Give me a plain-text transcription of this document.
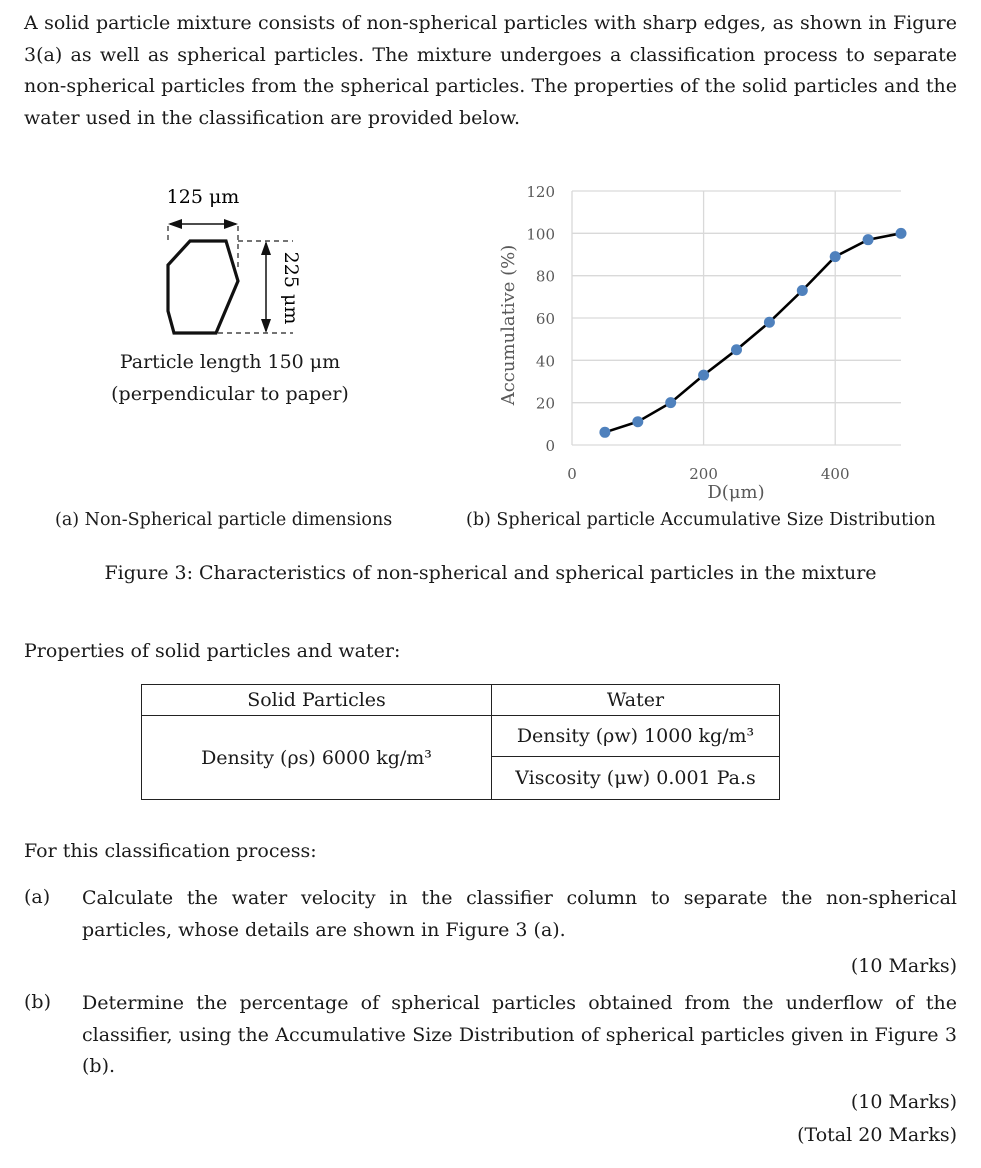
A solid particle mixture consists of non-spherical particles with sharp edges, as shown in Figure 3(a) as well as spherical particles. The mixture undergoes a classification process to separate non-spherical particles from the spherical particles. The properties of the solid particles and the water used in the classification are provided below.

125 μm
225 μm
Particle length 150 μm
(perpendicular to paper)
0
20
40
60
80
100
120
0	200	400
Accumulative (%)
D(μm)
(a) Non-Spherical particle dimensions	(b) Spherical particle Accumulative Size Distribution
Figure 3: Characteristics of non-spherical and spherical particles in the mixture
Properties of solid particles and water:
Solid Particles	Water
Density (ρs) 6000 kg/m³	Density (ρw) 1000 kg/m³
	Viscosity (μw) 0.001 Pa.s
For this classification process:
(a) Calculate the water velocity in the classifier column to separate the non-spherical particles, whose details are shown in Figure 3 (a).

(10 Marks)
(b) Determine the percentage of spherical particles obtained from the underflow of the classifier, using the Accumulative Size Distribution of spherical particles given in Figure 3 (b).

(10 Marks)
(Total 20 Marks)
